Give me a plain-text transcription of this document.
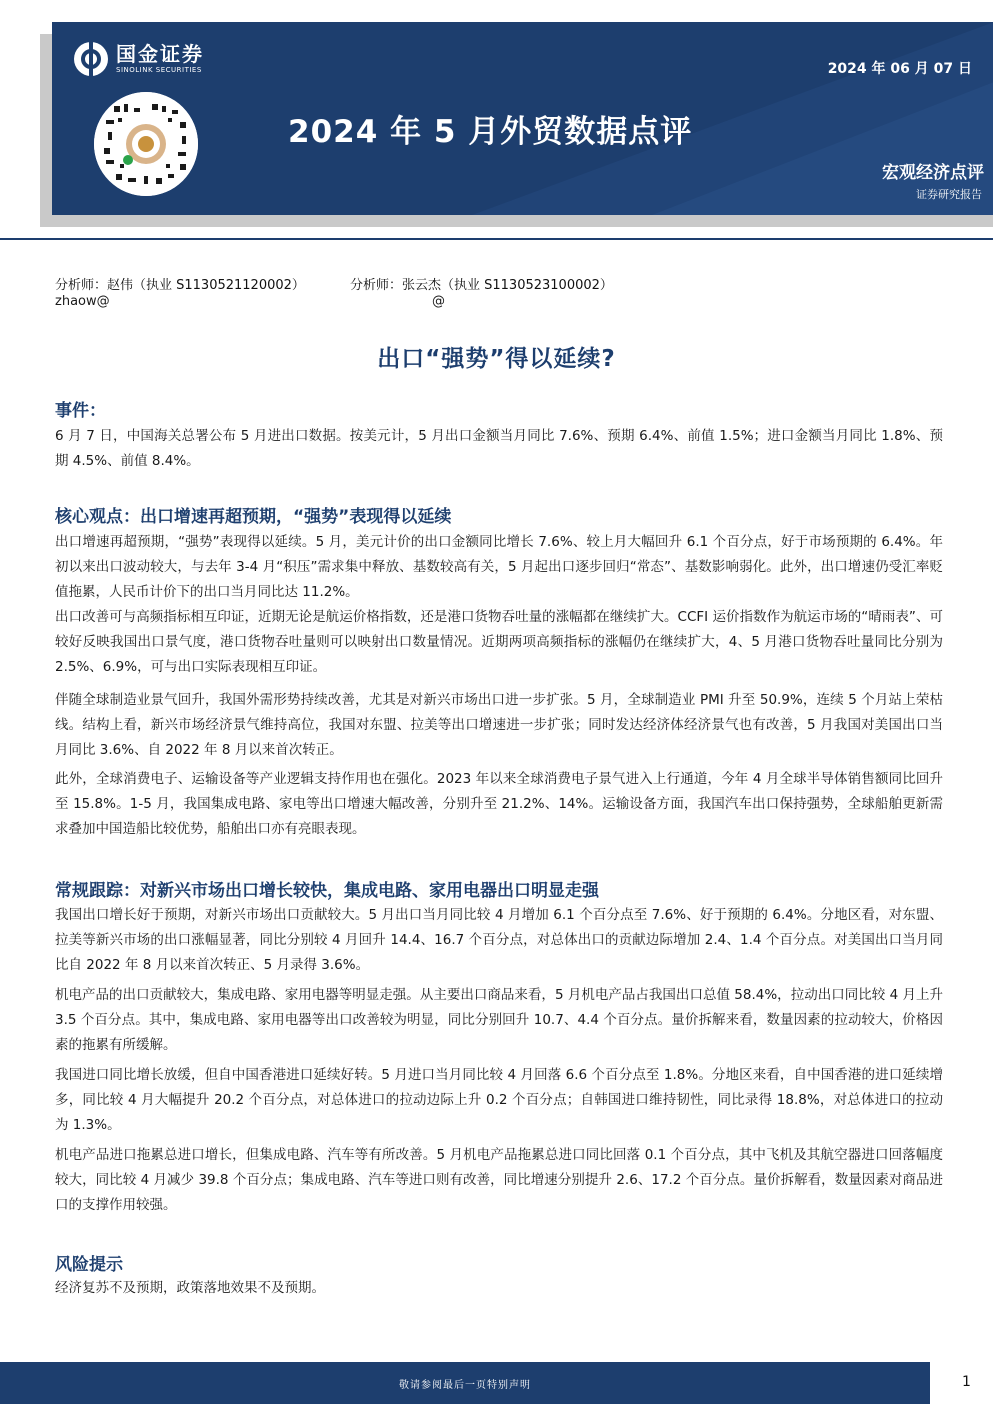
国金证券
SINOLINK SECURITIES	2024 年 06 月 07 日
2024 年 5 月外贸数据点评
宏观经济点评
证券研究报告
分析师：赵伟（执业 S1130521120002）	分析师：张云杰（执业 S1130523100002）
zhaow@	@
出口“强势”得以延续?
事件：
6 月 7 日，中国海关总署公布 5 月进出口数据。按美元计，5 月出口金额当月同比 7.6%、预期 6.4%、前值 1.5%；进口金额当月同比 1.8%、预期 4.5%、前值 8.4%。
核心观点：出口增速再超预期，“强势”表现得以延续
出口增速再超预期，“强势”表现得以延续。5 月，美元计价的出口金额同比增长 7.6%、较上月大幅回升 6.1 个百分点，好于市场预期的 6.4%。年初以来出口波动较大，与去年 3-4 月“积压”需求集中释放、基数较高有关，5 月起出口逐步回归“常态”、基数影响弱化。此外，出口增速仍受汇率贬值拖累，人民币计价下的出口当月同比达 11.2%。
出口改善可与高频指标相互印证，近期无论是航运价格指数，还是港口货物吞吐量的涨幅都在继续扩大。CCFI 运价指数作为航运市场的“晴雨表”、可较好反映我国出口景气度，港口货物吞吐量则可以映射出口数量情况。近期两项高频指标的涨幅仍在继续扩大，4、5 月港口货物吞吐量同比分别为 2.5%、6.9%，可与出口实际表现相互印证。
伴随全球制造业景气回升，我国外需形势持续改善，尤其是对新兴市场出口进一步扩张。5 月，全球制造业 PMI 升至 50.9%，连续 5 个月站上荣枯线。结构上看，新兴市场经济景气维持高位，我国对东盟、拉美等出口增速进一步扩张；同时发达经济体经济景气也有改善，5 月我国对美国出口当月同比 3.6%、自 2022 年 8 月以来首次转正。
此外，全球消费电子、运输设备等产业逻辑支持作用也在强化。2023 年以来全球消费电子景气进入上行通道，今年 4 月全球半导体销售额同比回升至 15.8%。1-5 月，我国集成电路、家电等出口增速大幅改善，分别升至 21.2%、14%。运输设备方面，我国汽车出口保持强势，全球船舶更新需求叠加中国造船比较优势，船舶出口亦有亮眼表现。
常规跟踪：对新兴市场出口增长较快，集成电路、家用电器出口明显走强
我国出口增长好于预期，对新兴市场出口贡献较大。5 月出口当月同比较 4 月增加 6.1 个百分点至 7.6%、好于预期的 6.4%。分地区看，对东盟、拉美等新兴市场的出口涨幅显著，同比分别较 4 月回升 14.4、16.7 个百分点，对总体出口的贡献边际增加 2.4、1.4 个百分点。对美国出口当月同比自 2022 年 8 月以来首次转正、5 月录得 3.6%。
机电产品的出口贡献较大，集成电路、家用电器等明显走强。从主要出口商品来看，5 月机电产品占我国出口总值 58.4%，拉动出口同比较 4 月上升 3.5 个百分点。其中，集成电路、家用电器等出口改善较为明显，同比分别回升 10.7、4.4 个百分点。量价拆解来看，数量因素的拉动较大，价格因素的拖累有所缓解。
我国进口同比增长放缓，但自中国香港进口延续好转。5 月进口当月同比较 4 月回落 6.6 个百分点至 1.8%。分地区来看，自中国香港的进口延续增多，同比较 4 月大幅提升 20.2 个百分点，对总体进口的拉动边际上升 0.2 个百分点；自韩国进口维持韧性，同比录得 18.8%，对总体进口的拉动为 1.3%。
机电产品进口拖累总进口增长，但集成电路、汽车等有所改善。5 月机电产品拖累总进口同比回落 0.1 个百分点，其中飞机及其航空器进口回落幅度较大，同比较 4 月减少 39.8 个百分点；集成电路、汽车等进口则有改善，同比增速分别提升 2.6、17.2 个百分点。量价拆解看，数量因素对商品进口的支撑作用较强。
风险提示
经济复苏不及预期，政策落地效果不及预期。
敬请参阅最后一页特别声明	1
